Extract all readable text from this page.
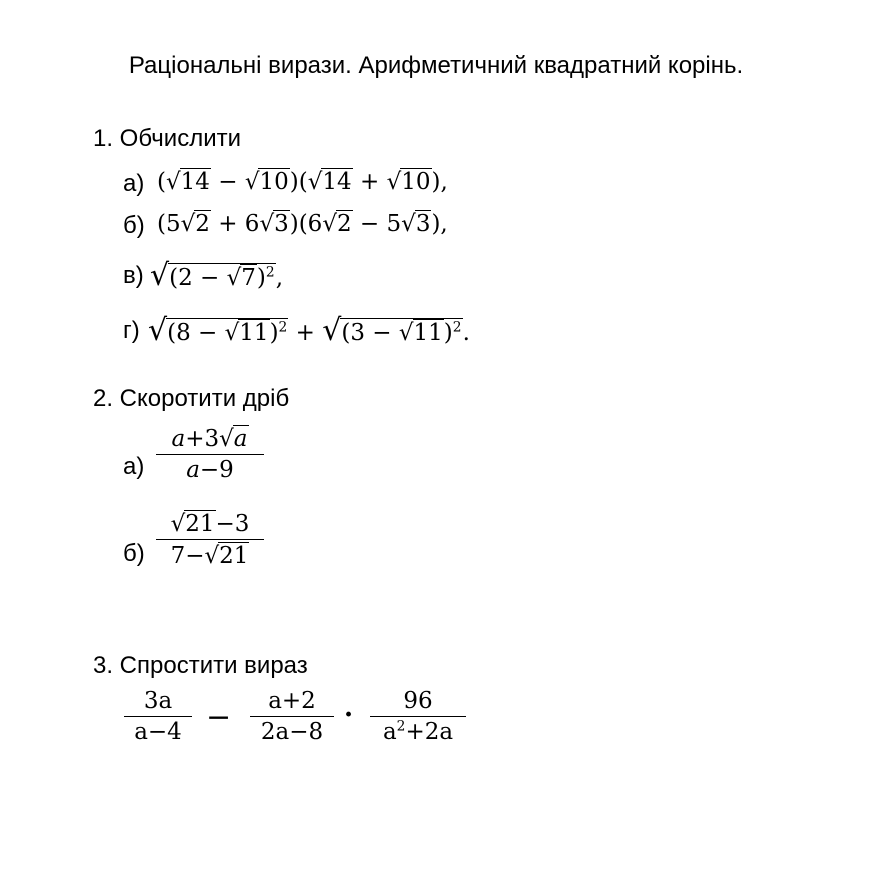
Раціональні вирази. Арифметичний квадратний корінь.
1. Обчислити
а) (√14 − √10)(√14 + √10),
б) (5√2 + 6√3)(6√2 − 5√3),
в) $√(2 - √7)^2$,
г) $√(8 - √11)^2 + √(3 - √11)^2$.
2. Скоротити дріб
$а) \frac{a+3√a}{a-9}$
$б) \frac{√21-3}{7-√21}$
3. Спростити вираз
$\frac{3a}{a-4} - \frac{a+2}{2a-8} \cdot \frac{96}{a^2+2a}$
